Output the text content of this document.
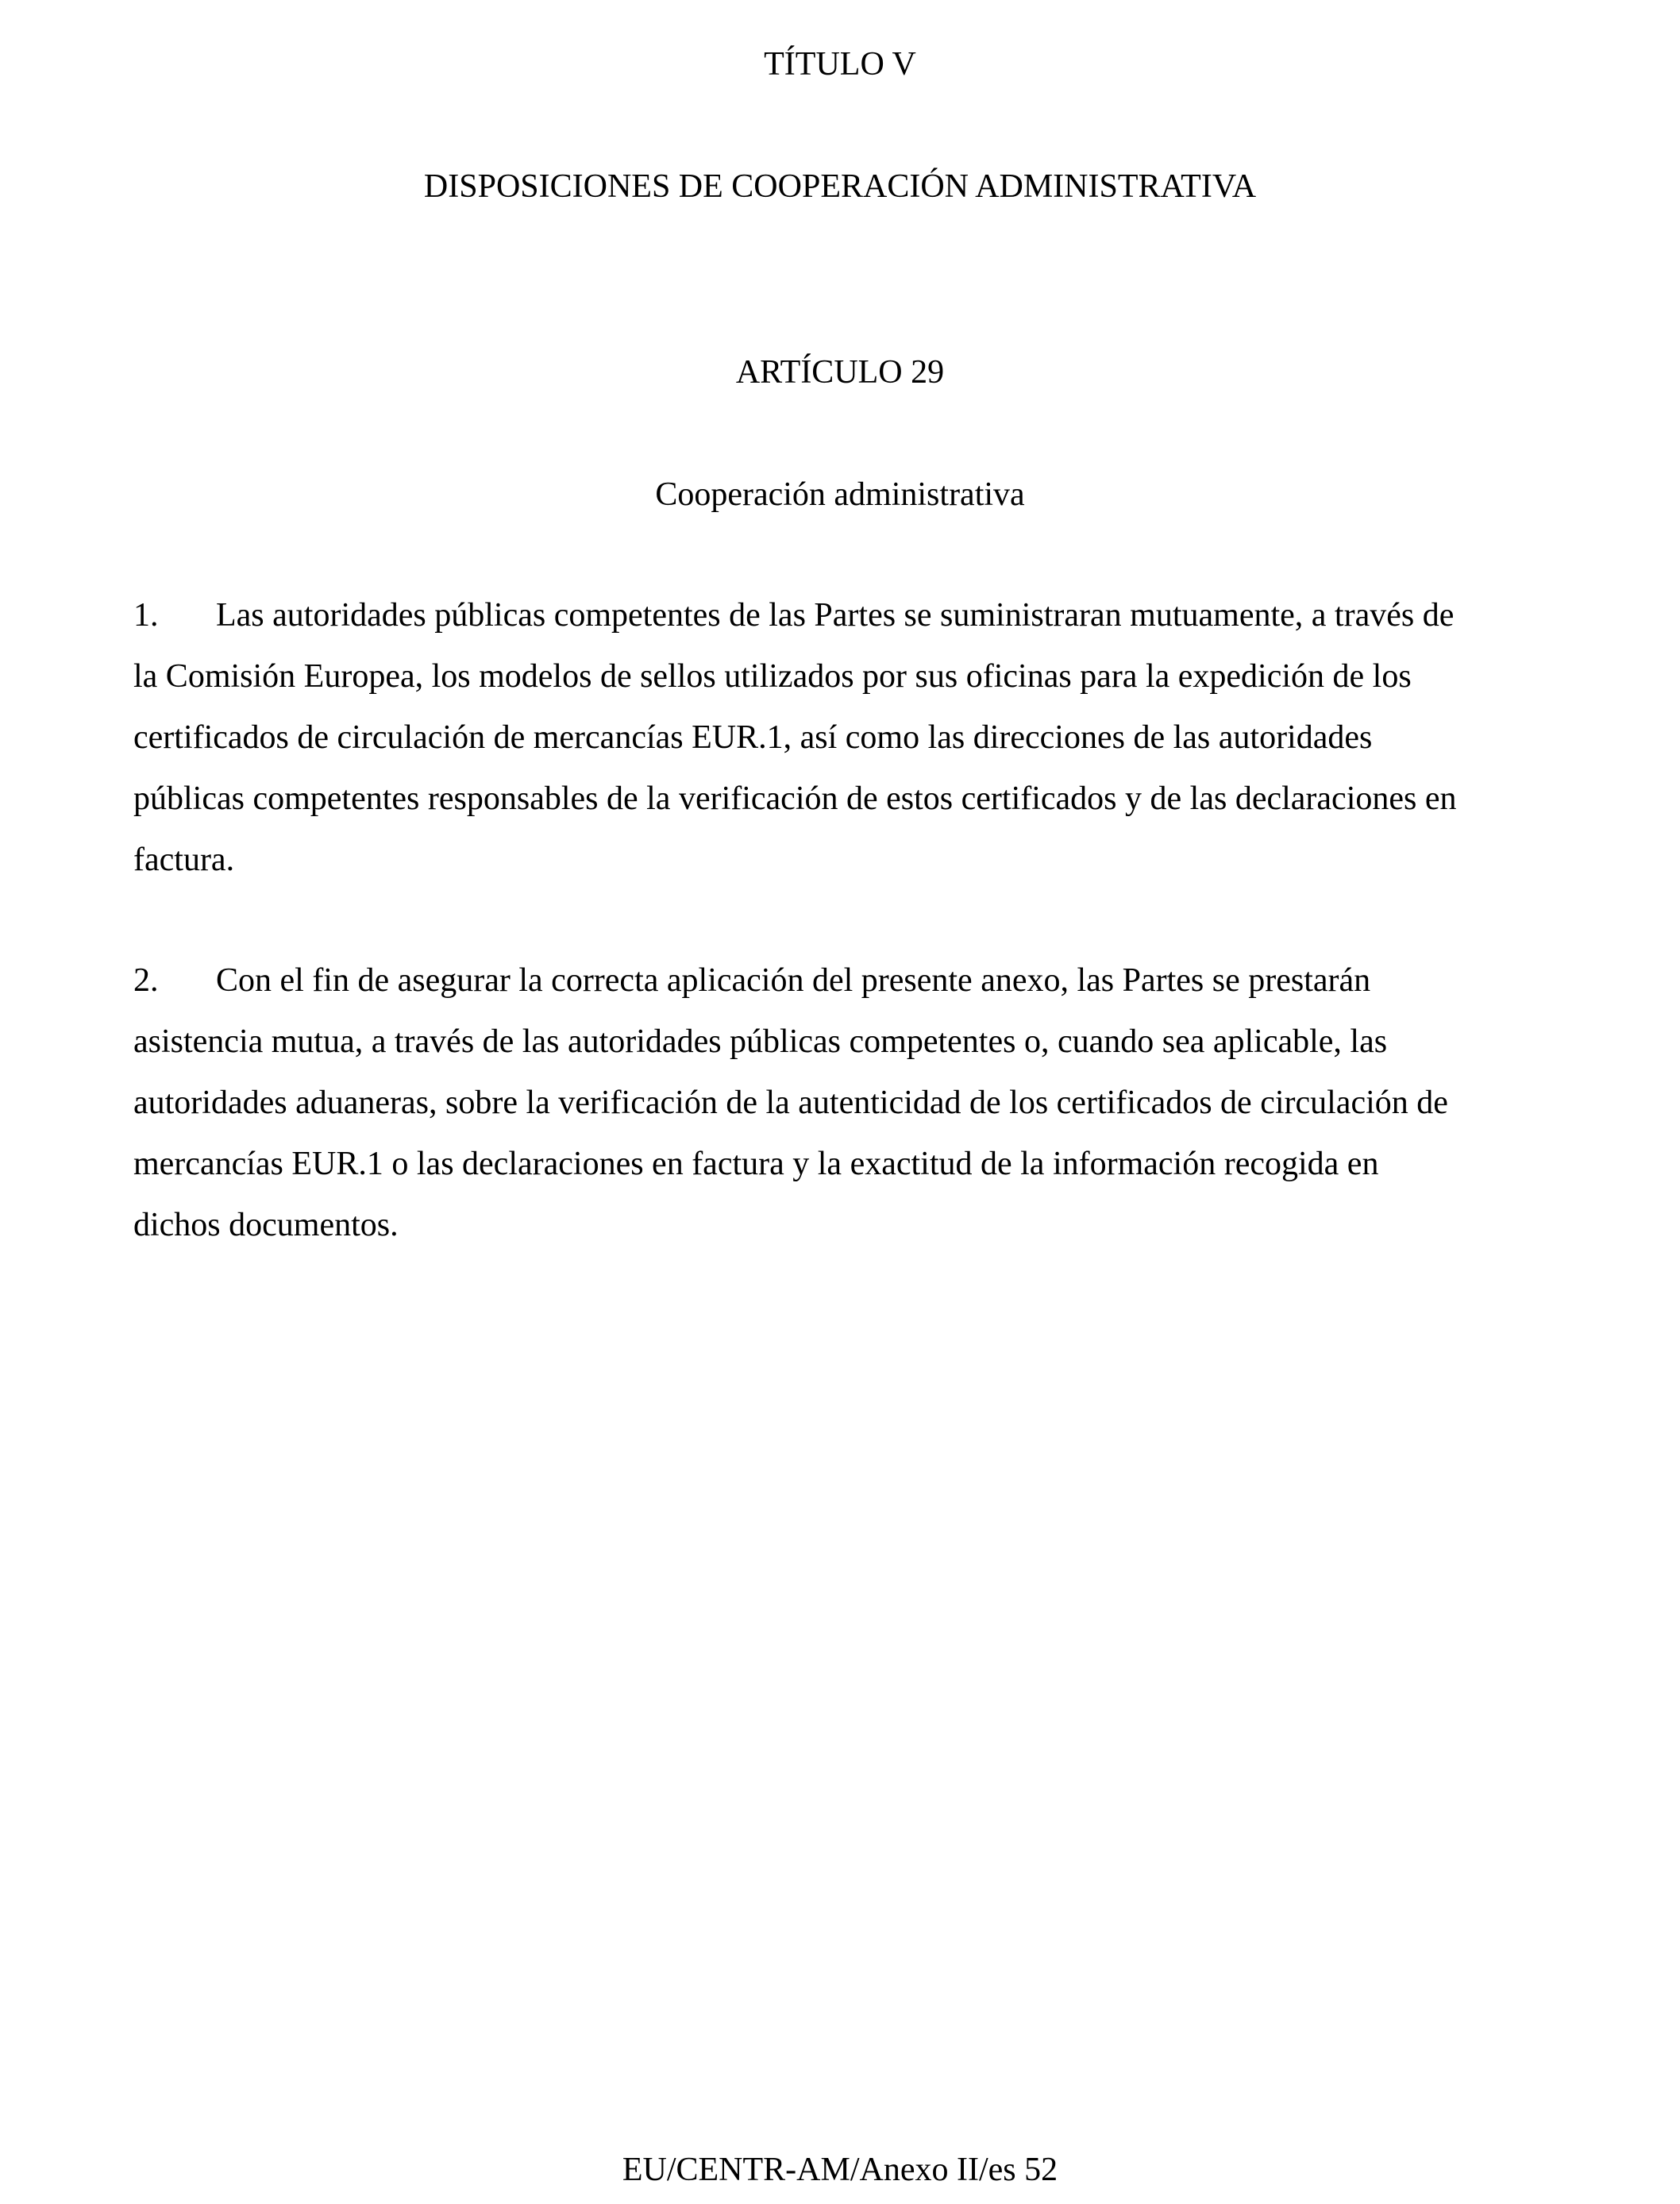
TÍTULO V
DISPOSICIONES DE COOPERACIÓN ADMINISTRATIVA
ARTÍCULO 29
Cooperación administrativa
1. Las autoridades públicas competentes de las Partes se suministraran mutuamente, a través de
la Comisión Europea, los modelos de sellos utilizados por sus oficinas para la expedición de los
certificados de circulación de mercancías EUR.1, así como las direcciones de las autoridades
públicas competentes responsables de la verificación de estos certificados y de las declaraciones en
factura.
2. Con el fin de asegurar la correcta aplicación del presente anexo, las Partes se prestarán
asistencia mutua, a través de las autoridades públicas competentes o, cuando sea aplicable, las
autoridades aduaneras, sobre la verificación de la autenticidad de los certificados de circulación de
mercancías EUR.1 o las declaraciones en factura y la exactitud de la información recogida en
dichos documentos.
EU/CENTR-AM/Anexo II/es 52
